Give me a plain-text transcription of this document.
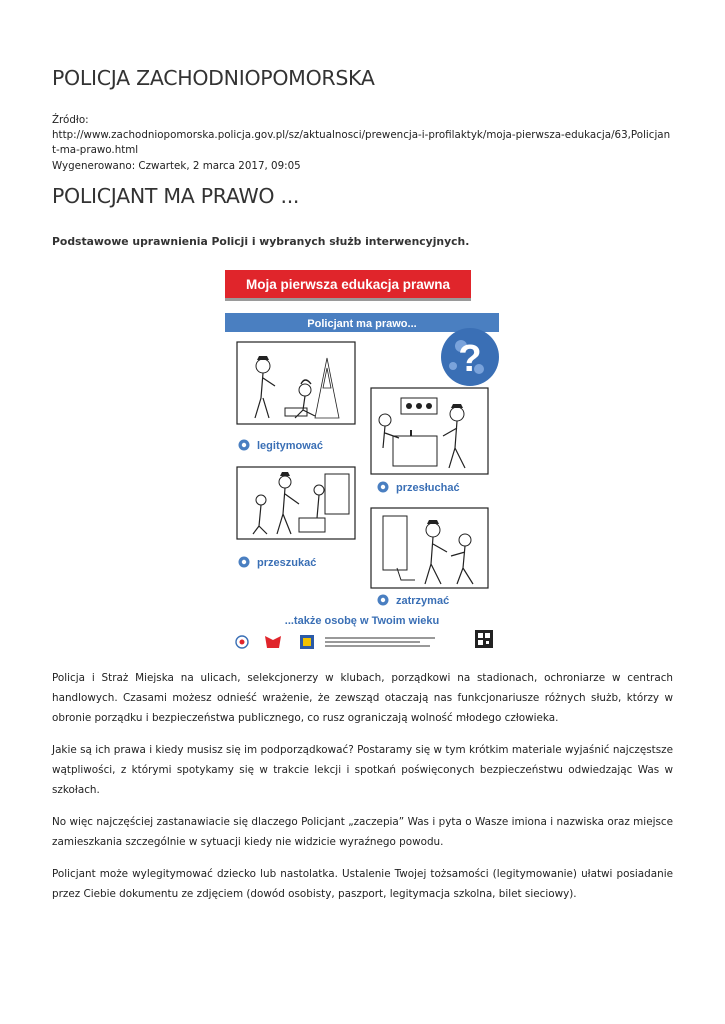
POLICJA ZACHODNIOPOMORSKA

Źródło:

http://www.zachodniopomorska.policja.gov.pl/sz/aktualnosci/prewencja-i-profilaktyk/moja-pierwsza-edukacja/63,Policjant-ma-prawo.html

Wygenerowano: Czwartek, 2 marca 2017, 09:05

POLICJANT MA PRAWO ...

Podstawowe uprawnienia Policji i wybranych służb interwencyjnych.

Moja pierwsza edukacja prawna
Policjant ma prawo...
?
legitymować
przesłuchać
przeszukać
zatrzymać
...także osobę w Twoim wieku

Policja i Straż Miejska na ulicach, selekcjonerzy w klubach, porządkowi na stadionach, ochroniarze w centrach handlowych. Czasami możesz odnieść wrażenie, że zewsząd otaczają nas funkcjonariusze różnych służb, którzy w obronie porządku i bezpieczeństwa publicznego, co rusz ograniczają wolność młodego człowieka.

Jakie są ich prawa i kiedy musisz się im podporządkować? Postaramy się w tym krótkim materiale wyjaśnić najczęstsze wątpliwości, z którymi spotykamy się w trakcie lekcji i spotkań poświęconych bezpieczeństwu odwiedzając Was w szkołach.

No więc najczęściej zastanawiacie się dlaczego Policjant „zaczepia” Was i pyta o Wasze imiona i nazwiska oraz miejsce zamieszkania szczególnie w sytuacji kiedy nie widzicie wyraźnego powodu.

Policjant może wylegitymować dziecko lub nastolatka. Ustalenie Twojej tożsamości (legitymowanie) ułatwi posiadanie przez Ciebie dokumentu ze zdjęciem (dowód osobisty, paszport, legitymacja szkolna, bilet sieciowy).
